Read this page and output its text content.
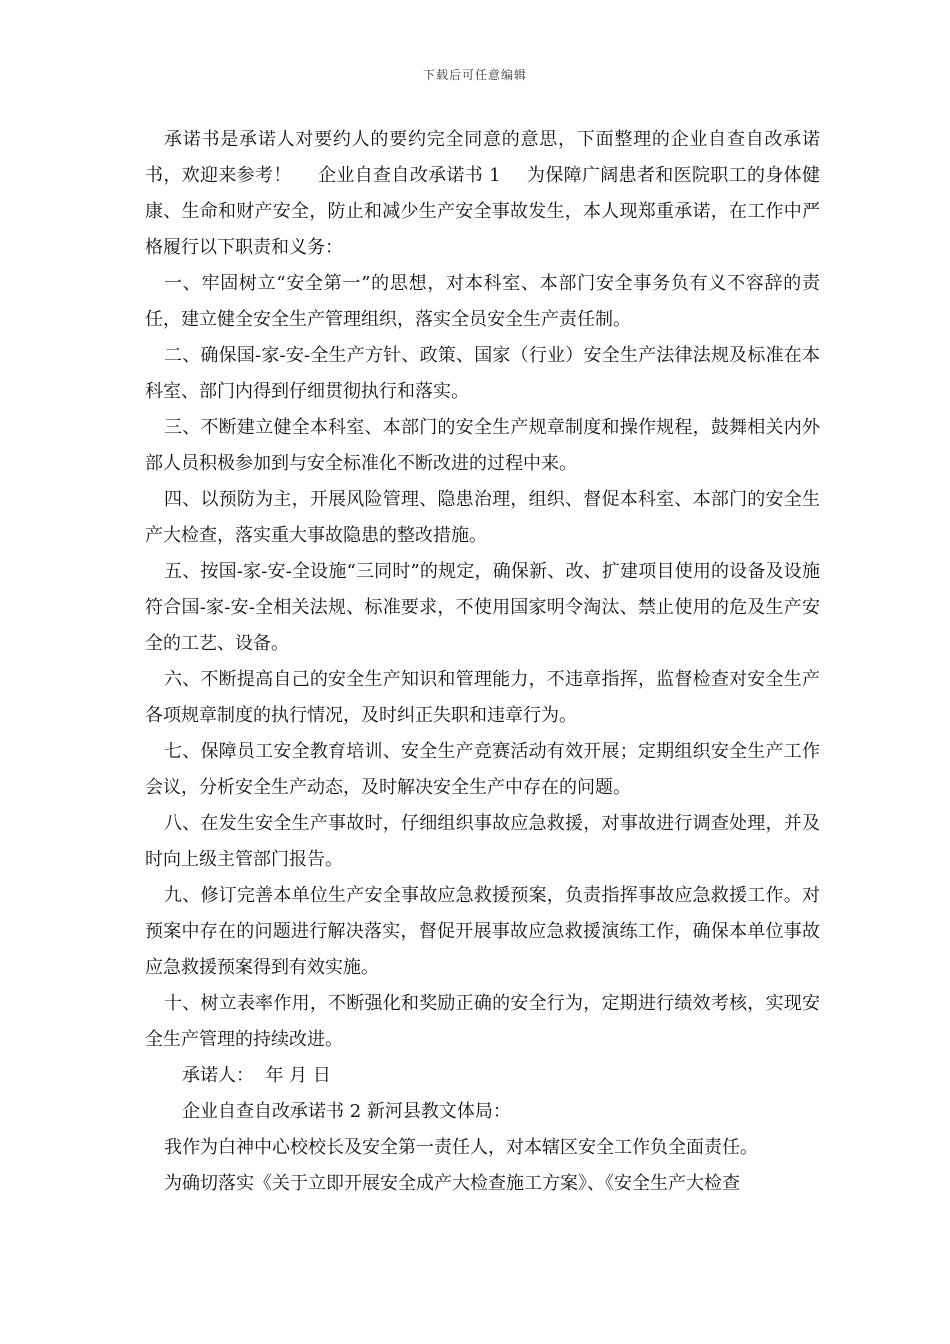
下载后可任意编辑

承诺书是承诺人对要约人的要约完全同意的意思，下面整理的企业自查自改承诺书，欢迎来参考！ 企业自查自改承诺书 1 为保障广阔患者和医院职工的身体健康、生命和财产安全，防止和减少生产安全事故发生，本人现郑重承诺，在工作中严格履行以下职责和义务：

一、牢固树立“安全第一”的思想，对本科室、本部门安全事务负有义不容辞的责任，建立健全安全生产管理组织，落实全员安全生产责任制。

二、确保国-家-安-全生产方针、政策、国家（行业）安全生产法律法规及标准在本科室、部门内得到仔细贯彻执行和落实。

三、不断建立健全本科室、本部门的安全生产规章制度和操作规程，鼓舞相关内外部人员积极参加到与安全标准化不断改进的过程中来。

四、以预防为主，开展风险管理、隐患治理，组织、督促本科室、本部门的安全生产大检查，落实重大事故隐患的整改措施。

五、按国-家-安-全设施“三同时”的规定，确保新、改、扩建项目使用的设备及设施符合国-家-安-全相关法规、标准要求，不使用国家明令淘汰、禁止使用的危及生产安全的工艺、设备。

六、不断提高自己的安全生产知识和管理能力，不违章指挥，监督检查对安全生产各项规章制度的执行情况，及时纠正失职和违章行为。

七、保障员工安全教育培训、安全生产竞赛活动有效开展；定期组织安全生产工作会议，分析安全生产动态，及时解决安全生产中存在的问题。

八、在发生安全生产事故时，仔细组织事故应急救援，对事故进行调查处理，并及时向上级主管部门报告。

九、修订完善本单位生产安全事故应急救援预案，负责指挥事故应急救援工作。对预案中存在的问题进行解决落实，督促开展事故应急救援演练工作，确保本单位事故应急救援预案得到有效实施。

十、树立表率作用，不断强化和奖励正确的安全行为，定期进行绩效考核，实现安全生产管理的持续改进。

承诺人：  年 月 日

企业自查自改承诺书 2 新河县教文体局：

我作为白神中心校校长及安全第一责任人，对本辖区安全工作负全面责任。

为确切落实《关于立即开展安全成产大检查施工方案》、《安全生产大检查
